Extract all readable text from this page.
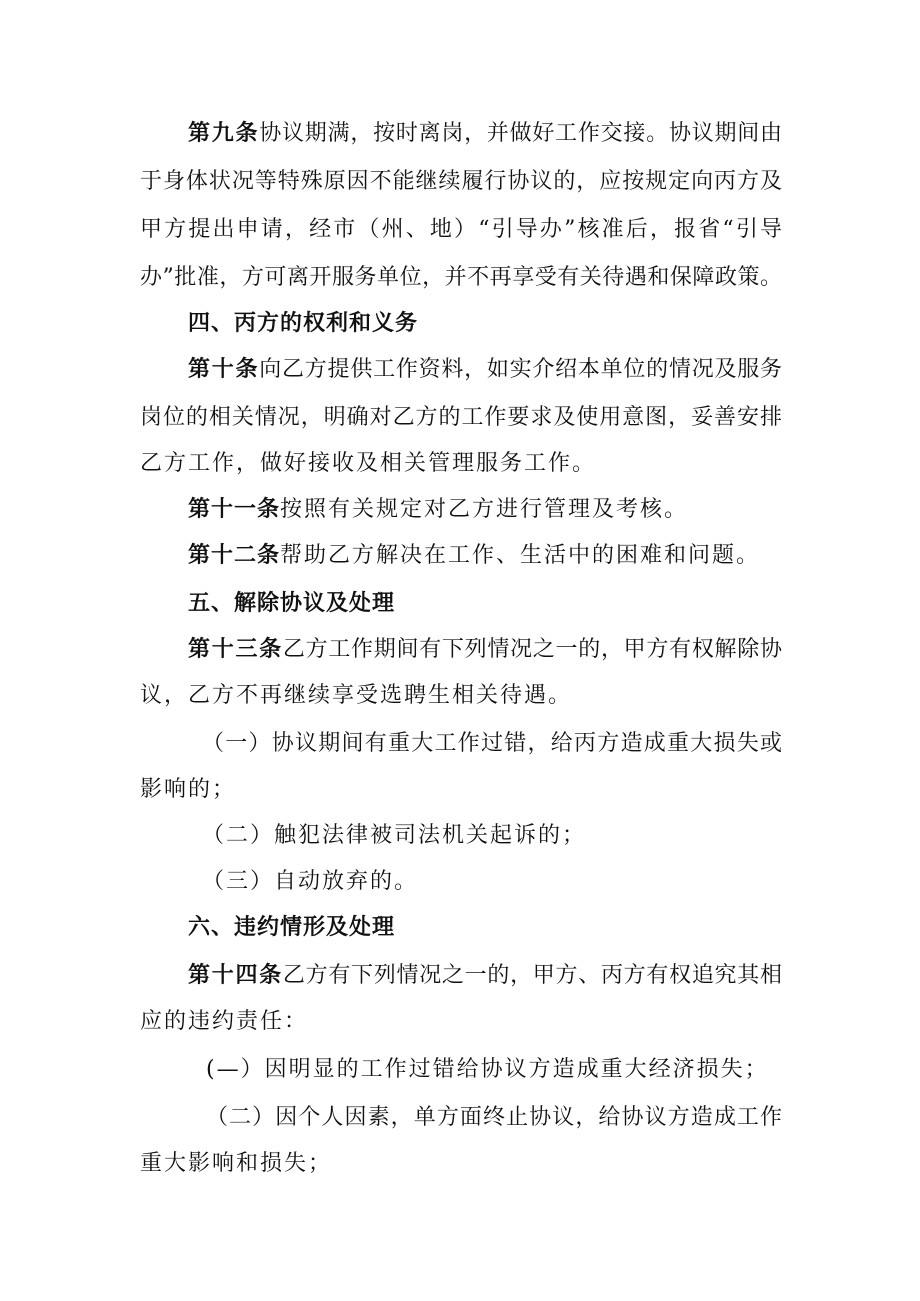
第九条协议期满，按时离岗，并做好工作交接。协议期间由
于身体状况等特殊原因不能继续履行协议的，应按规定向丙方及
甲方提出申请，经市（州、地）“引导办”核准后，报省“引导
办”批准，方可离开服务单位，并不再享受有关待遇和保障政策。
四、丙方的权利和义务
第十条向乙方提供工作资料，如实介绍本单位的情况及服务
岗位的相关情况，明确对乙方的工作要求及使用意图，妥善安排
乙方工作，做好接收及相关管理服务工作。
第十一条按照有关规定对乙方进行管理及考核。
第十二条帮助乙方解决在工作、生活中的困难和问题。
五、解除协议及处理
第十三条乙方工作期间有下列情况之一的，甲方有权解除协
议，乙方不再继续享受选聘生相关待遇。
（一）协议期间有重大工作过错，给丙方造成重大损失或
影响的；
（二）触犯法律被司法机关起诉的；
（三）自动放弃的。
六、违约情形及处理
第十四条乙方有下列情况之一的，甲方、丙方有权追究其相
应的违约责任：
(—）因明显的工作过错给协议方造成重大经济损失；
（二）因个人因素，单方面终止协议，给协议方造成工作
重大影响和损失；
